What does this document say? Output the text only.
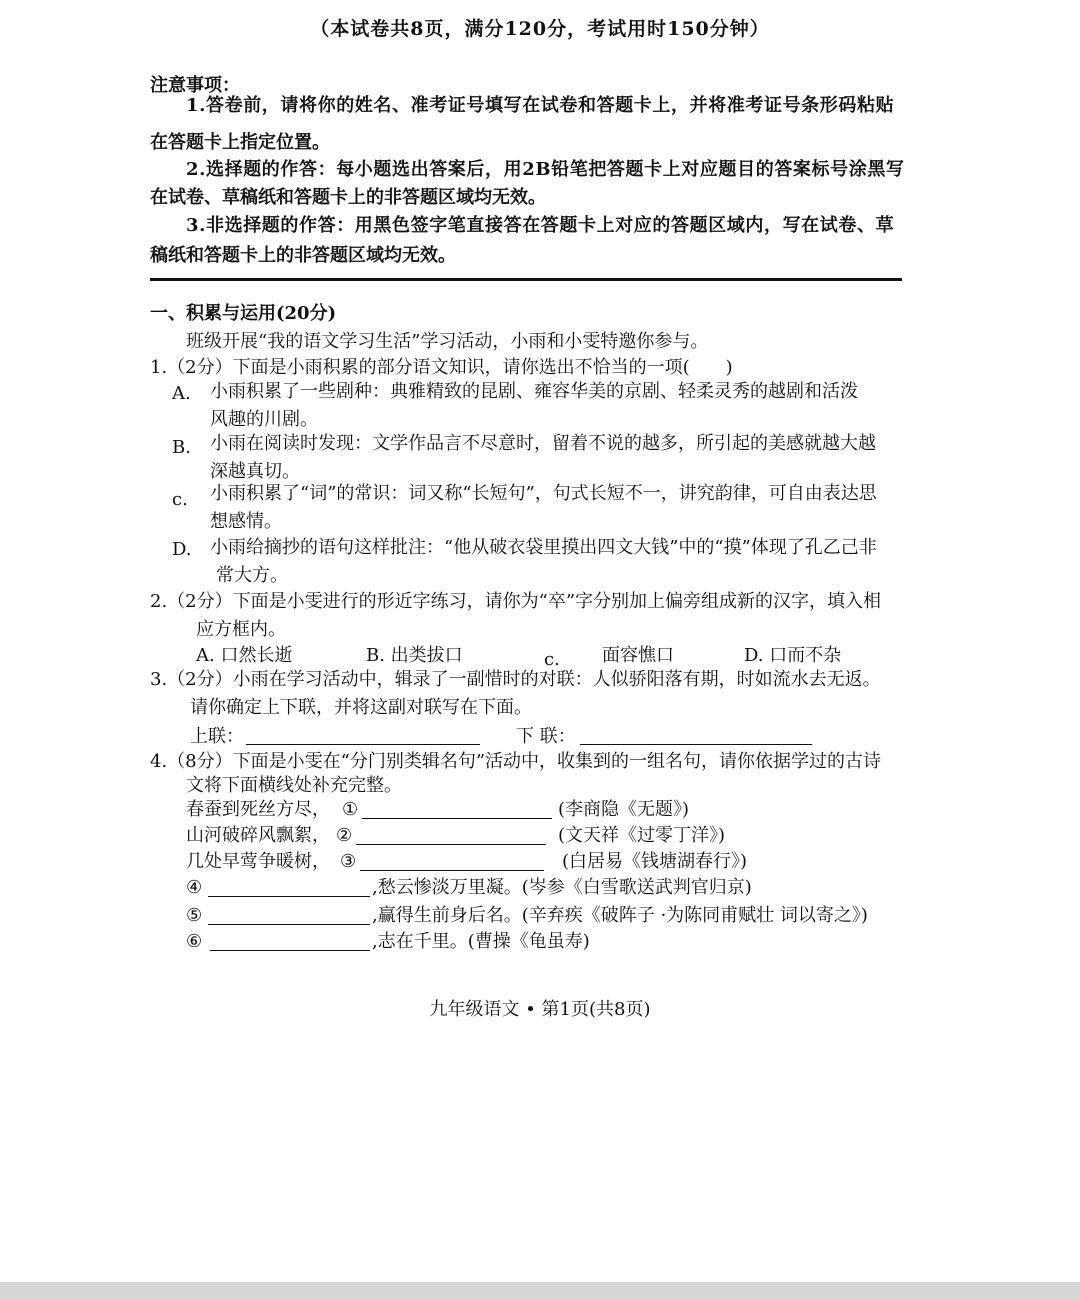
（本试卷共8页，满分120分，考试用时150分钟）
注意事项：
1.答卷前，请将你的姓名、准考证号填写在试卷和答题卡上，并将准考证号条形码粘贴
在答题卡上指定位置。
2.选择题的作答：每小题选出答案后，用2B铅笔把答题卡上对应题目的答案标号涂黑写
在试卷、草稿纸和答题卡上的非答题区域均无效。
3.非选择题的作答：用黑色签字笔直接答在答题卡上对应的答题区域内，写在试卷、草
稿纸和答题卡上的非答题区域均无效。
一、积累与运用(20分)
班级开展“我的语文学习生活”学习活动，小雨和小雯特邀你参与。
1.（2分）下面是小雨积累的部分语文知识，请你选出不恰当的一项(　　)
A. 小雨积累了一些剧种：典雅精致的昆剧、雍容华美的京剧、轻柔灵秀的越剧和活泼
风趣的川剧。
B. 小雨在阅读时发现：文学作品言不尽意时，留着不说的越多，所引起的美感就越大越
深越真切。
c. 小雨积累了“词”的常识：词又称“长短句”，句式长短不一，讲究韵律，可自由表达思
想感情。
D. 小雨给摘抄的语句这样批注：“他从破衣袋里摸出四文大钱”中的“摸”体现了孔乙己非
常大方。
2.（2分）下面是小雯进行的形近字练习，请你为“卒”字分别加上偏旁组成新的汉字，填入相
应方框内。
A. 口然长逝	B. 出类拔口	c. 面容憔口	D. 口而不杂
3.（2分）小雨在学习活动中，辑录了一副惜时的对联：人似骄阳落有期，时如流水去无返。
请你确定上下联，并将这副对联写在下面。
上联：	下 联：
4.（8分）下面是小雯在“分门别类辑名句”活动中，收集到的一组名句，请你依据学过的古诗
文将下面横线处补充完整。
春蚕到死丝方尽， ①	(李商隐《无题》)
山河破碎风飘絮， ②	(文天祥《过零丁洋》)
几处早莺争暖树， ③	(白居易《钱塘湖春行》)
④	,愁云惨淡万里凝。(岑参《白雪歌送武判官归京)
⑤	,赢得生前身后名。(辛弃疾《破阵子 ·为陈同甫赋壮 词以寄之》)
⑥	,志在千里。(曹操《龟虽寿)
九年级语文 • 第1页(共8页)
